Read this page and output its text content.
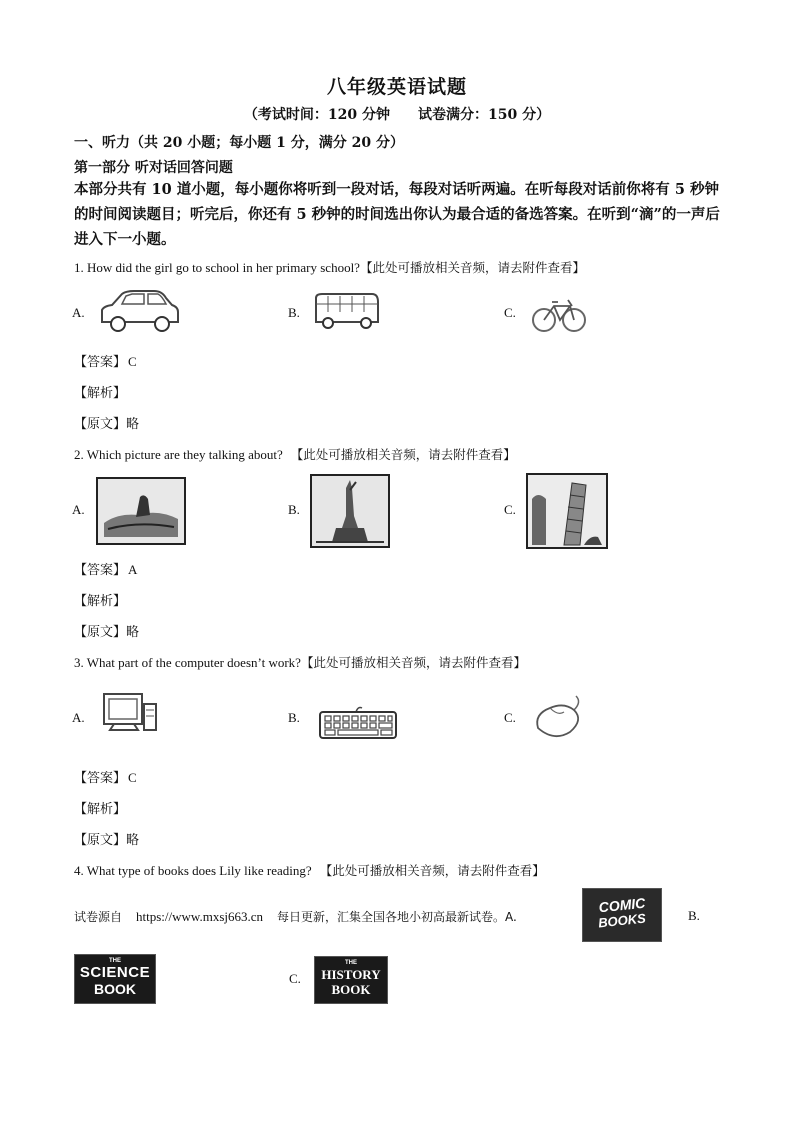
八年级英语试题
（考试时间：120 分钟 试卷满分：150 分）
一、听力（共 20 小题；每小题 1 分，满分 20 分）
第一部分 听对话回答问题
本部分共有 10 道小题，每小题你将听到一段对话，每段对话听两遍。在听每段对话前你将有 5 秒钟的时间阅读题目；听完后，你还有 5 秒钟的时间选出你认为最合适的备选答案。在听到“滴”的一声后进入下一小题。
1. How did the girl go to school in her primary school?【此处可播放相关音频，请去附件查看】
A.	B.	C.
【答案】 C
【解析】
【原文】略
2. Which picture are they talking about? 【此处可播放相关音频，请去附件查看】
A.	B.	C.
【答案】 A
【解析】
【原文】略
3. What part of the computer doesn’t work?【此处可播放相关音频，请去附件查看】
A.	B.	C.
【答案】 C
【解析】
【原文】略
4. What type of books does Lily like reading? 【此处可播放相关音频，请去附件查看】
试卷源自 https://www.mxsj663.cn 每日更新，汇集全国各地小初高最新试卷。A.
COMIC
BOOKS	B.
THE
SCIENCE
BOOK
C.
THE
HISTORY
BOOK
